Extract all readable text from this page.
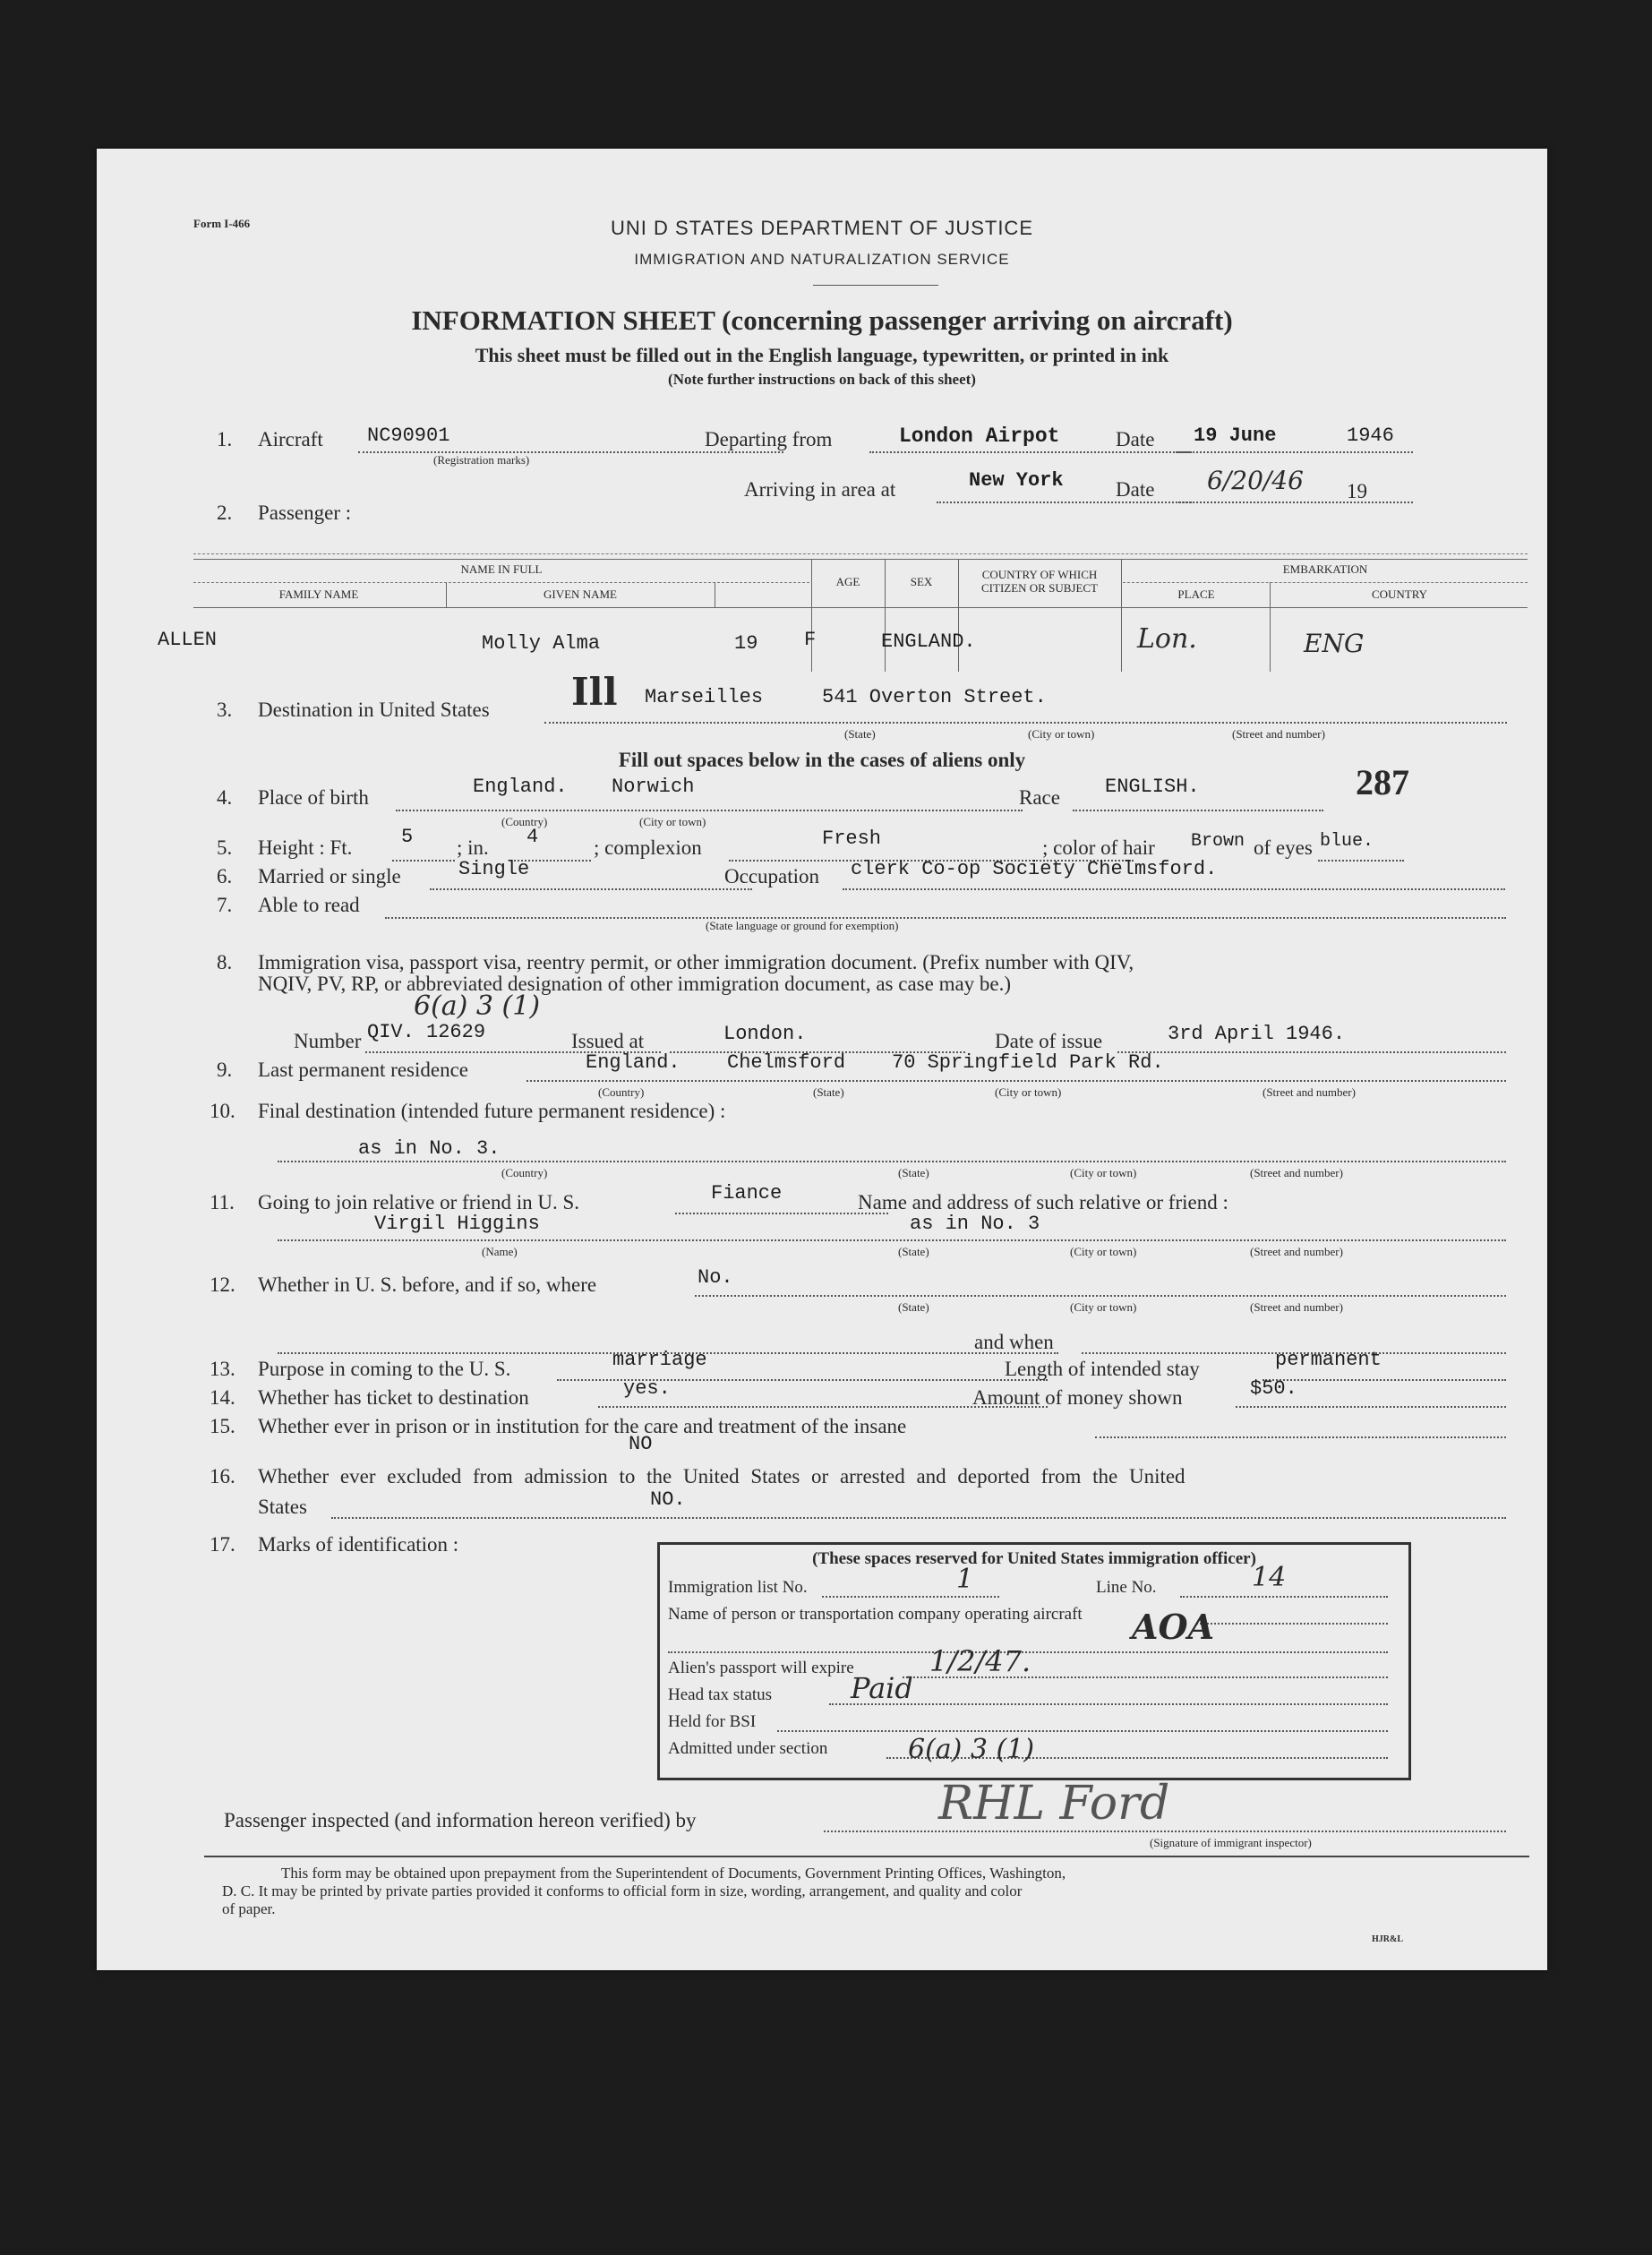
Form I-466	UNI D STATES DEPARTMENT OF JUSTICE
IMMIGRATION AND NATURALIZATION SERVICE
INFORMATION SHEET (concerning passenger arriving on aircraft)
This sheet must be filled out in the English language, typewritten, or printed in ink
(Note further instructions on back of this sheet)
1. Aircraft NC90901
(Registration marks)
Departing from	London Airpot	Date 19 June	1946
Arriving in area at	New York	Date 6/20/46 19
2. Passenger :
NAME IN FULL
FAMILY NAME	GIVEN NAME
AGE	SEX
COUNTRY OF WHICH CITIZEN OR SUBJECT
EMBARKATION
PLACE	COUNTRY
ALLEN	Molly Alma	19 F	ENGLAND.	Lon.	ENG
3. Destination in United States Ill Marseilles	541 Overton Street.
(State)	(City or town)	(Street and number)
Fill out spaces below in the cases of aliens only
4. Place of birth	England. Norwich
(Country)	(City or town)
Race ENGLISH.	287
5. Height : Ft. 5 ; in. 4	; complexion	Fresh	; color of hair Brown of eyes blue.
6. Married or single	Single	Occupation clerk Co-op Society Chelmsford.
7. Able to read
(State language or ground for exemption)
8. Immigration visa, passport visa, reentry permit, or other immigration document. (Prefix number with QIV,
NQIV, PV, RP, or abbreviated designation of other immigration document, as case may be.)
6(a) 3 (1)
Number QIV. 12629	Issued at	London.	Date of issue	3rd April 1946.
9. Last permanent residence	England. Chelmsford 70 Springfield Park Rd.
(Country)	(State)	(City or town)	(Street and number)
10. Final destination (intended future permanent residence) :
as in No. 3.
(Country)	(State)	(City or town)	(Street and number)
11. Going to join relative or friend in U. S.	Fiance	Name and address of such relative or friend :
Virgil Higgins	as in No. 3
(Name)	(State)	(City or town)	(Street and number)
12. Whether in U. S. before, and if so, where	No.
(State)	(City or town)	(Street and number)
and when
13. Purpose in coming to the U. S.	marriage	Length of intended stay	permanent
14. Whether has ticket to destination	yes.	Amount of money shown	$50.
15. Whether ever in prison or in institution for the care and treatment of the insane
NO
16. Whether ever excluded from admission to the United States or arrested and deported from the United
States	NO.
17. Marks of identification :
(These spaces reserved for United States immigration officer)
Immigration list No.	1	Line No.	14
Name of person or transportation company operating aircraft AOA
Alien's passport will expire	1/2/47.
Head tax status	Paid
Held for BSI
Admitted under section	6(a) 3 (1)
Passenger inspected (and information hereon verified) by	RHL Ford
(Signature of immigrant inspector)
This form may be obtained upon prepayment from the Superintendent of Documents, Government Printing Offices, Washington,
D. C. It may be printed by private parties provided it conforms to official form in size, wording, arrangement, and quality and color
of paper.
HJR&L
